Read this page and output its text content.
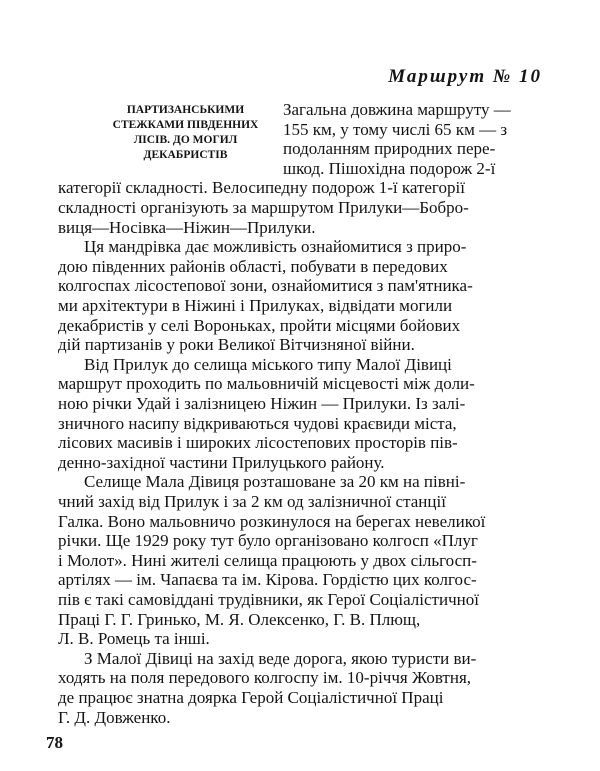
Маршрут № 10
ПАРТИЗАНСЬКИМИ
СТЕЖКАМИ ПІВДЕННИХ
ЛІСІВ. ДО МОГИЛ
ДЕКАБРИСТІВ

Загальна довжина маршруту —

155 км, у тому числі 65 км — з

подоланням природних пере-

шкод. Пішохідна подорож 2-ї

категорії складності. Велосипедну подорож 1-ї категорії

складності організують за маршрутом Прилуки—Бобро-

виця—Носівка—Ніжин—Прилуки.

Ця мандрівка дає можливість ознайомитися з приро-

дою південних районів області, побувати в передових

колгоспах лісостепової зони, ознайомитися з пам'ятника-

ми архітектури в Ніжині і Прилуках, відвідати могили

декабристів у селі Вороньках, пройти місцями бойових

дій партизанів у роки Великої Вітчизняної війни.

Від Прилук до селища міського типу Малої Дівиці

маршрут проходить по мальовничій місцевості між доли-

ною річки Удай і залізницею Ніжин — Прилуки. Із залі-

зничного насипу відкриваються чудові краєвиди міста,

лісових масивів і широких лісостепових просторів пів-

денно-західної частини Прилуцького району.

Селище Мала Дівиця розташоване за 20 км на півні-

чний захід від Прилук і за 2 км од залізничної станції

Галка. Воно мальовничо розкинулося на берегах невеликої

річки. Ще 1929 року тут було організовано колгосп «Плуг

і Молот». Нині жителі селища працюють у двох сільгосп-

артілях — ім. Чапаєва та ім. Кірова. Гордістю цих колгос-

пів є такі самовіддані трудівники, як Герої Соціалістичної

Праці Г. Г. Гринько, М. Я. Олексенко, Г. В. Плющ,

Л. В. Ромець та інші.

З Малої Дівиці на захід веде дорога, якою туристи ви-

ходять на поля передового колгоспу ім. 10-річчя Жовтня,

де працює знатна доярка Герой Соціалістичної Праці

Г. Д. Довженко.

78
